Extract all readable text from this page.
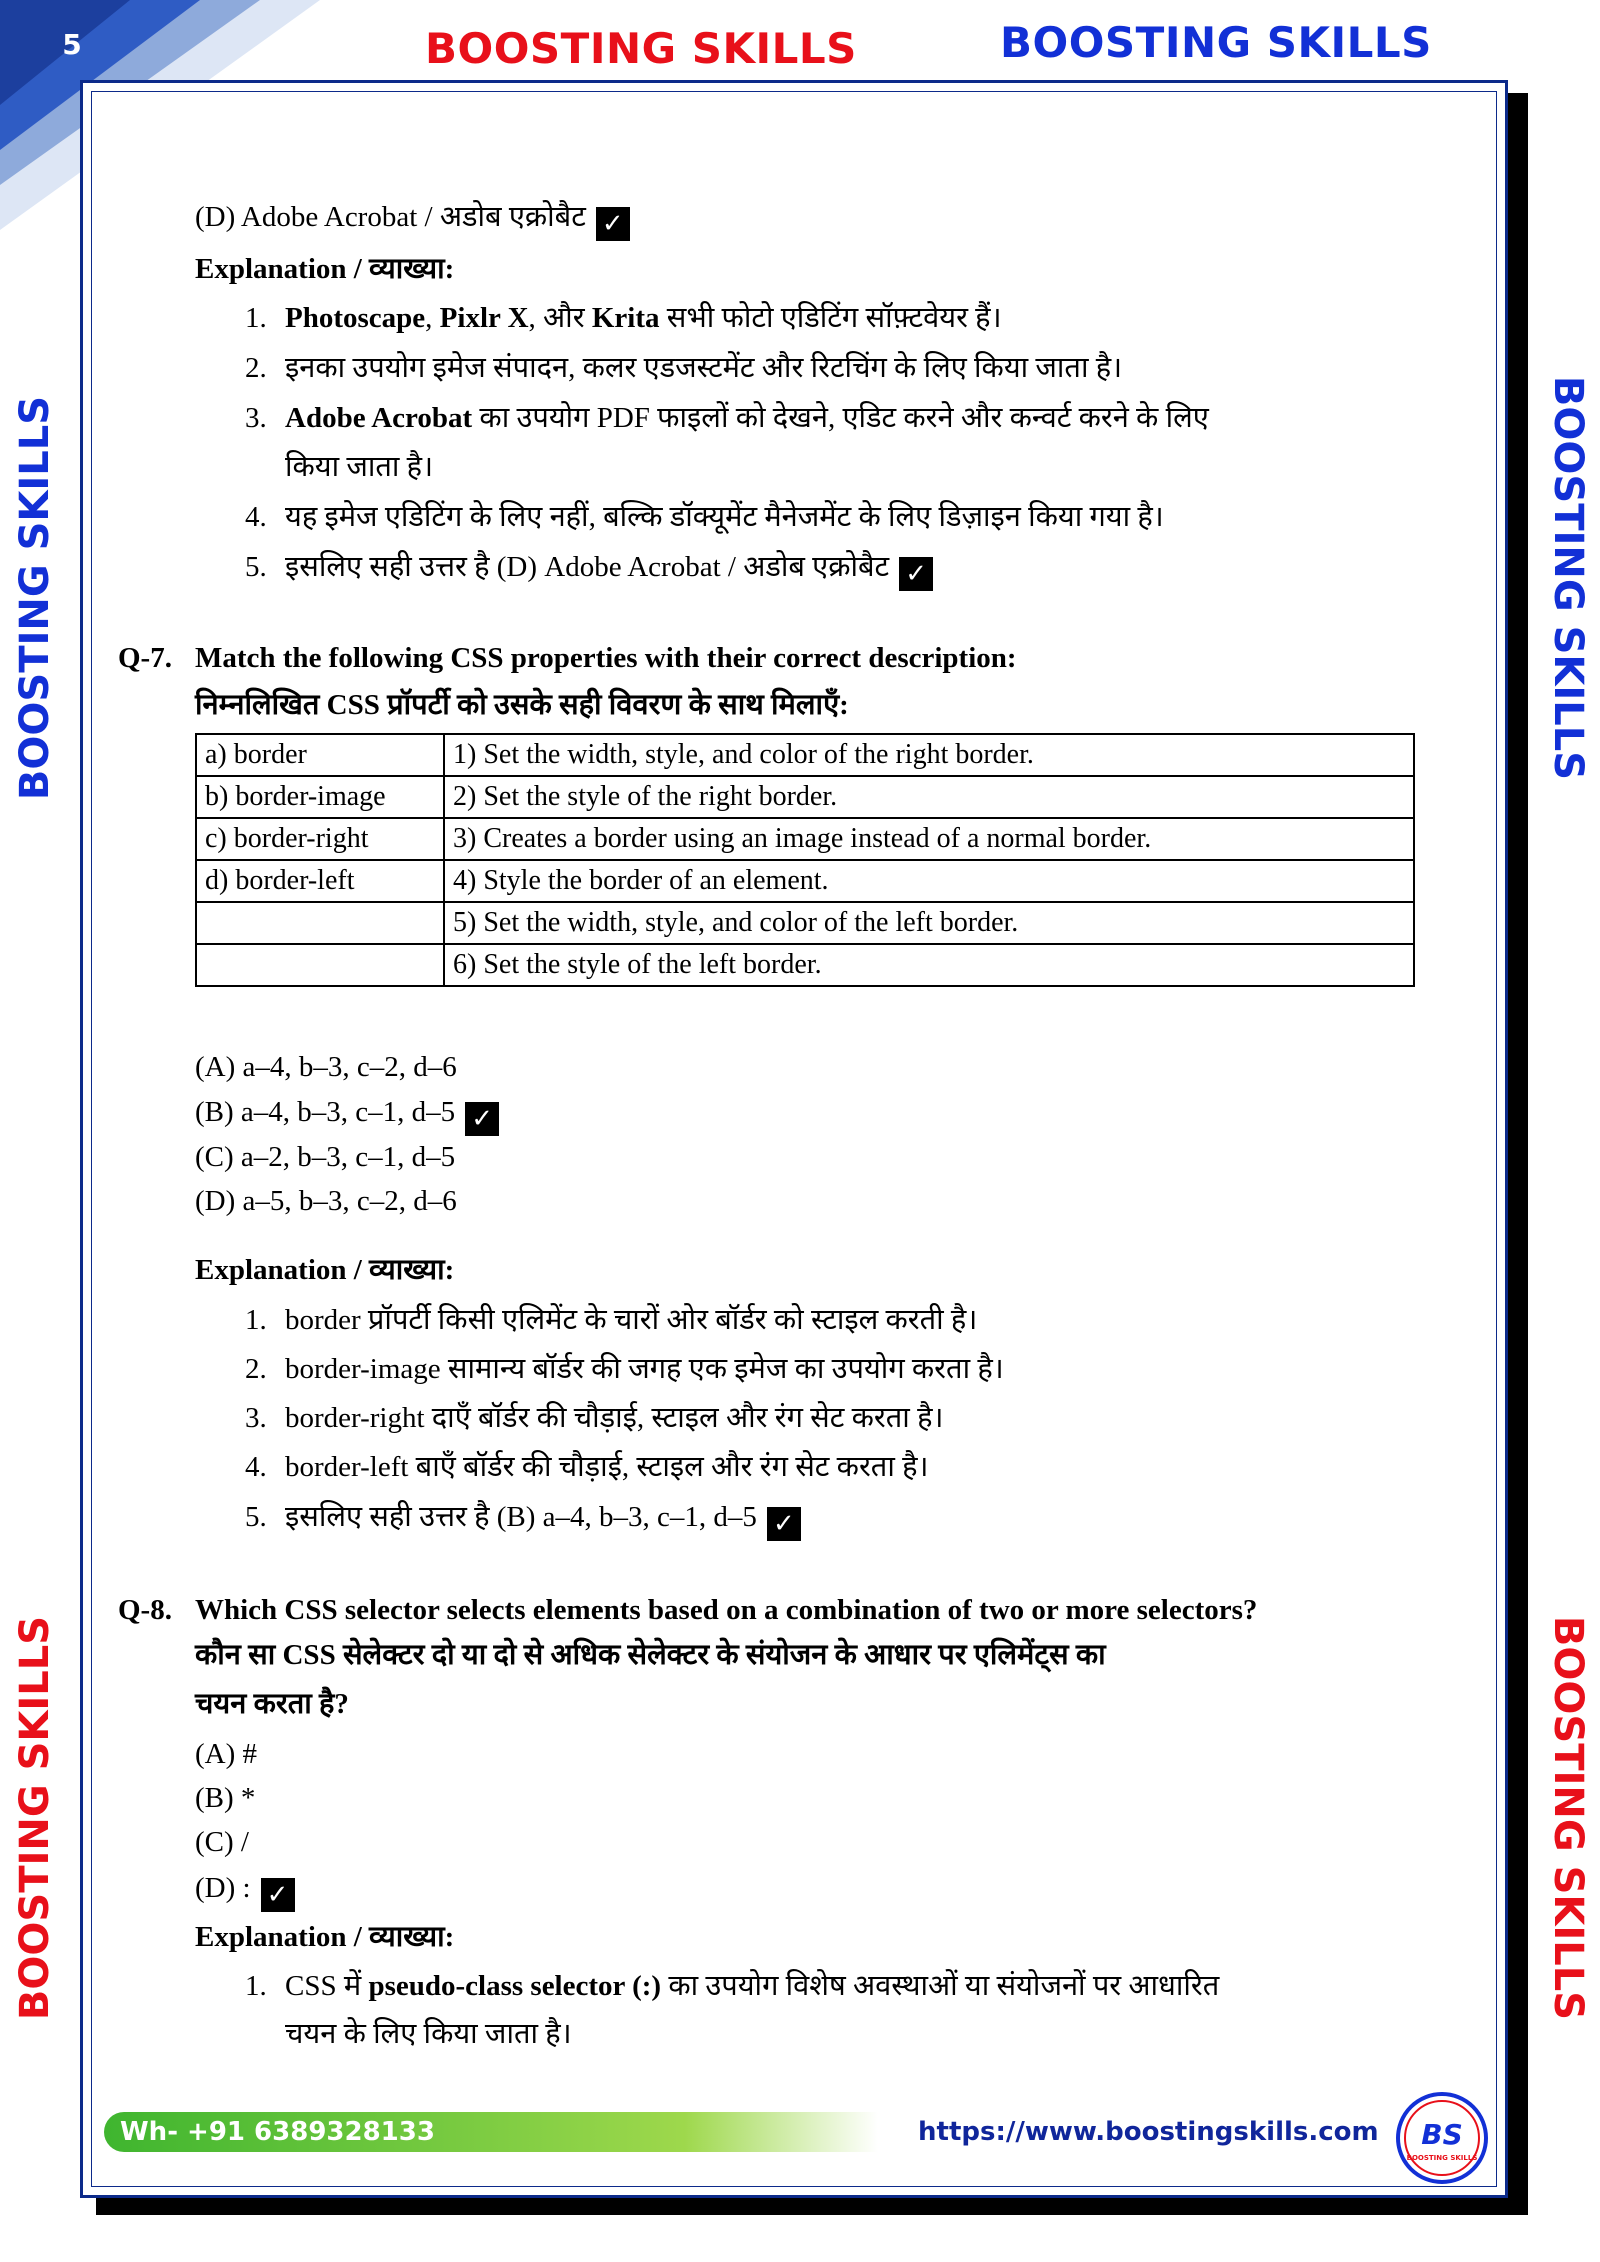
5	BOOSTING SKILLS	BOOSTING SKILLS
BOOSTING SKILLS
BOOSTING SKILLS
BOOSTING SKILLS
BOOSTING SKILLS
(D) Adobe Acrobat / अडोब एक्रोबैट ✓
Explanation / व्याख्या:
1. Photoscape, Pixlr X, और Krita सभी फोटो एडिटिंग सॉफ़्टवेयर हैं।
2. इनका उपयोग इमेज संपादन, कलर एडजस्टमेंट और रिटचिंग के लिए किया जाता है।
3. Adobe Acrobat का उपयोग PDF फाइलों को देखने, एडिट करने और कन्वर्ट करने के लिए
किया जाता है।
4. यह इमेज एडिटिंग के लिए नहीं, बल्कि डॉक्यूमेंट मैनेजमेंट के लिए डिज़ाइन किया गया है।
5. इसलिए सही उत्तर है (D) Adobe Acrobat / अडोब एक्रोबैट ✓
Q-7. Match the following CSS properties with their correct description:
निम्नलिखित CSS प्रॉपर्टी को उसके सही विवरण के साथ मिलाएँ:
a) border	1) Set the width, style, and color of the right border.
b) border-image	2) Set the style of the right border.
c) border-right	3) Creates a border using an image instead of a normal border.
d) border-left	4) Style the border of an element.
	5) Set the width, style, and color of the left border.
	6) Set the style of the left border.
(A) a–4, b–3, c–2, d–6
(B) a–4, b–3, c–1, d–5 ✓
(C) a–2, b–3, c–1, d–5
(D) a–5, b–3, c–2, d–6
Explanation / व्याख्या:
1. border प्रॉपर्टी किसी एलिमेंट के चारों ओर बॉर्डर को स्टाइल करती है।
2. border-image सामान्य बॉर्डर की जगह एक इमेज का उपयोग करता है।
3. border-right दाएँ बॉर्डर की चौड़ाई, स्टाइल और रंग सेट करता है।
4. border-left बाएँ बॉर्डर की चौड़ाई, स्टाइल और रंग सेट करता है।
5. इसलिए सही उत्तर है (B) a–4, b–3, c–1, d–5 ✓
Q-8. Which CSS selector selects elements based on a combination of two or more selectors?
कौन सा CSS सेलेक्टर दो या दो से अधिक सेलेक्टर के संयोजन के आधार पर एलिमेंट्स का
चयन करता है?
(A) #
(B) *
(C) /
(D) : ✓
Explanation / व्याख्या:
1. CSS में pseudo-class selector (:) का उपयोग विशेष अवस्थाओं या संयोजनों पर आधारित
चयन के लिए किया जाता है।
Wh- +91 6389328133	https://www.boostingskills.com BS
BOOSTING SKILLS
